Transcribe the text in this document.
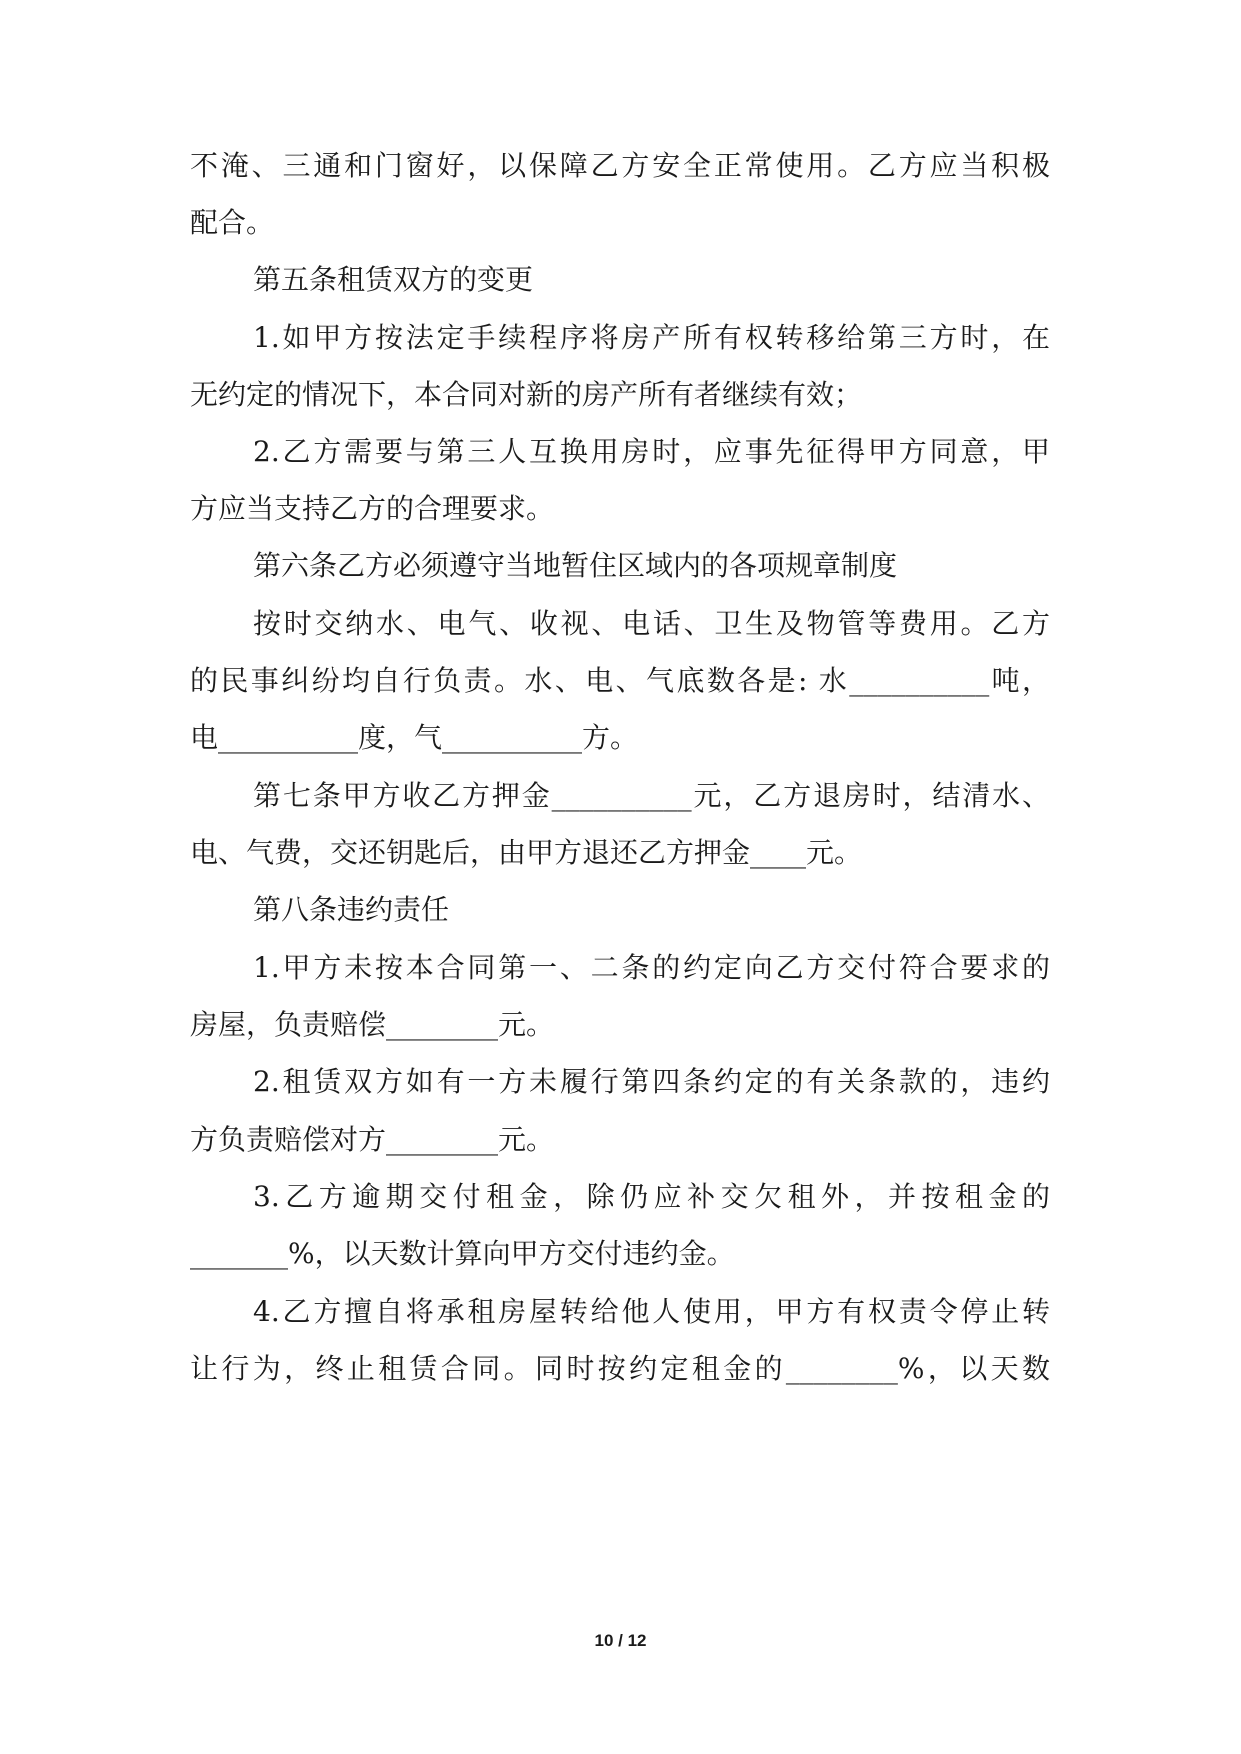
不淹、三通和门窗好，以保障乙方安全正常使用。乙方应当积极
配合。
第五条租赁双方的变更
1.如甲方按法定手续程序将房产所有权转移给第三方时，在
无约定的情况下，本合同对新的房产所有者继续有效；
2.乙方需要与第三人互换用房时，应事先征得甲方同意，甲
方应当支持乙方的合理要求。
第六条乙方必须遵守当地暂住区域内的各项规章制度
按时交纳水、电气、收视、电话、卫生及物管等费用。乙方
的民事纠纷均自行负责。水、电、气底数各是: 水__________吨，
电__________度，气__________方。
第七条甲方收乙方押金__________元，乙方退房时，结清水、
电、气费，交还钥匙后，由甲方退还乙方押金____元。
第八条违约责任
1.甲方未按本合同第一、二条的约定向乙方交付符合要求的
房屋，负责赔偿________元。
2.租赁双方如有一方未履行第四条约定的有关条款的，违约
方负责赔偿对方________元。
3.乙方逾期交付租金，除仍应补交欠租外，并按租金的
_______%，以天数计算向甲方交付违约金。
4.乙方擅自将承租房屋转给他人使用，甲方有权责令停止转
让行为，终止租赁合同。同时按约定租金的________%，以天数
10 / 12
